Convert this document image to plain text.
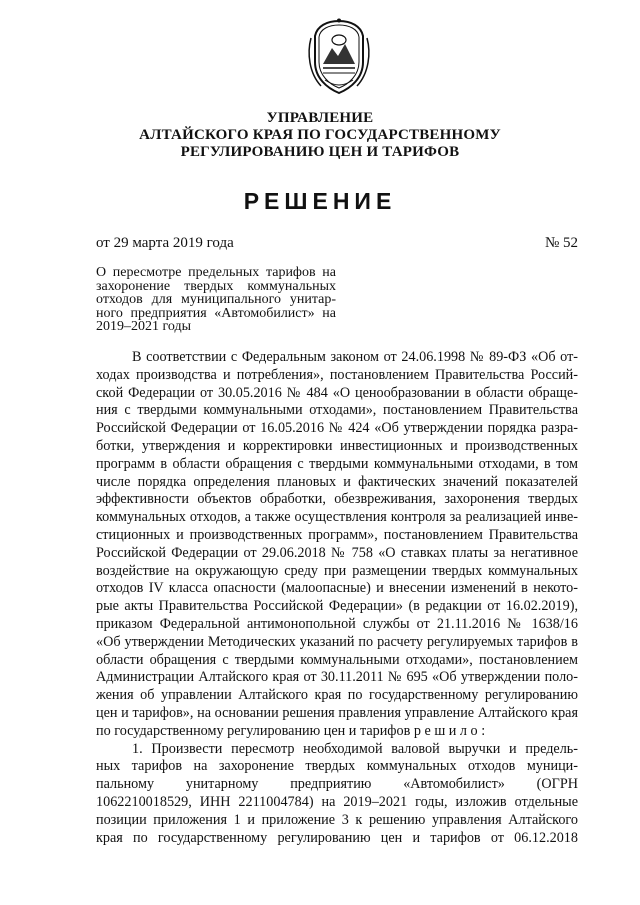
УПРАВЛЕНИЕ
АЛТАЙСКОГО КРАЯ ПО ГОСУДАРСТВЕННОМУ
РЕГУЛИРОВАНИЮ ЦЕН И ТАРИФОВ
РЕШЕНИЕ
от 29 марта 2019 года	№ 52
О пересмотре предельных тарифов на
захоронение твердых коммунальных
отходов для муниципального унитар-
ного предприятия «Автомобилист» на
2019–2021 годы
В соответствии с Федеральным законом от 24.06.1998 № 89-ФЗ «Об от-
ходах производства и потребления», постановлением Правительства Россий-
ской Федерации от 30.05.2016 № 484 «О ценообразовании в области обраще-
ния с твердыми коммунальными отходами», постановлением Правительства
Российской Федерации от 16.05.2016 № 424 «Об утверждении порядка разра-
ботки, утверждения и корректировки инвестиционных и производственных
программ в области обращения с твердыми коммунальными отходами, в том
числе порядка определения плановых и фактических значений показателей
эффективности объектов обработки, обезвреживания, захоронения твердых
коммунальных отходов, а также осуществления контроля за реализацией инве-
стиционных и производственных программ», постановлением Правительства
Российской Федерации от 29.06.2018 № 758 «О ставках платы за негативное
воздействие на окружающую среду при размещении твердых коммунальных
отходов IV класса опасности (малоопасные) и внесении изменений в некото-
рые акты Правительства Российской Федерации» (в редакции от 16.02.2019),
приказом Федеральной антимонопольной службы от 21.11.2016 № 1638/16
«Об утверждении Методических указаний по расчету регулируемых тарифов в
области обращения с твердыми коммунальными отходами», постановлением
Администрации Алтайского края от 30.11.2011 № 695 «Об утверждении поло-
жения об управлении Алтайского края по государственному регулированию
цен и тарифов», на основании решения правления управление Алтайского края
по государственному регулированию цен и тарифов р е ш и л о :
1. Произвести пересмотр необходимой валовой выручки и предель-
ных тарифов на захоронение твердых коммунальных отходов муници-
пальному унитарному предприятию «Автомобилист» (ОГРН
1062210018529, ИНН 2211004784) на 2019–2021 годы, изложив отдельные
позиции приложения 1 и приложение 3 к решению управления Алтайского
края по государственному регулированию цен и тарифов от 06.12.2018
